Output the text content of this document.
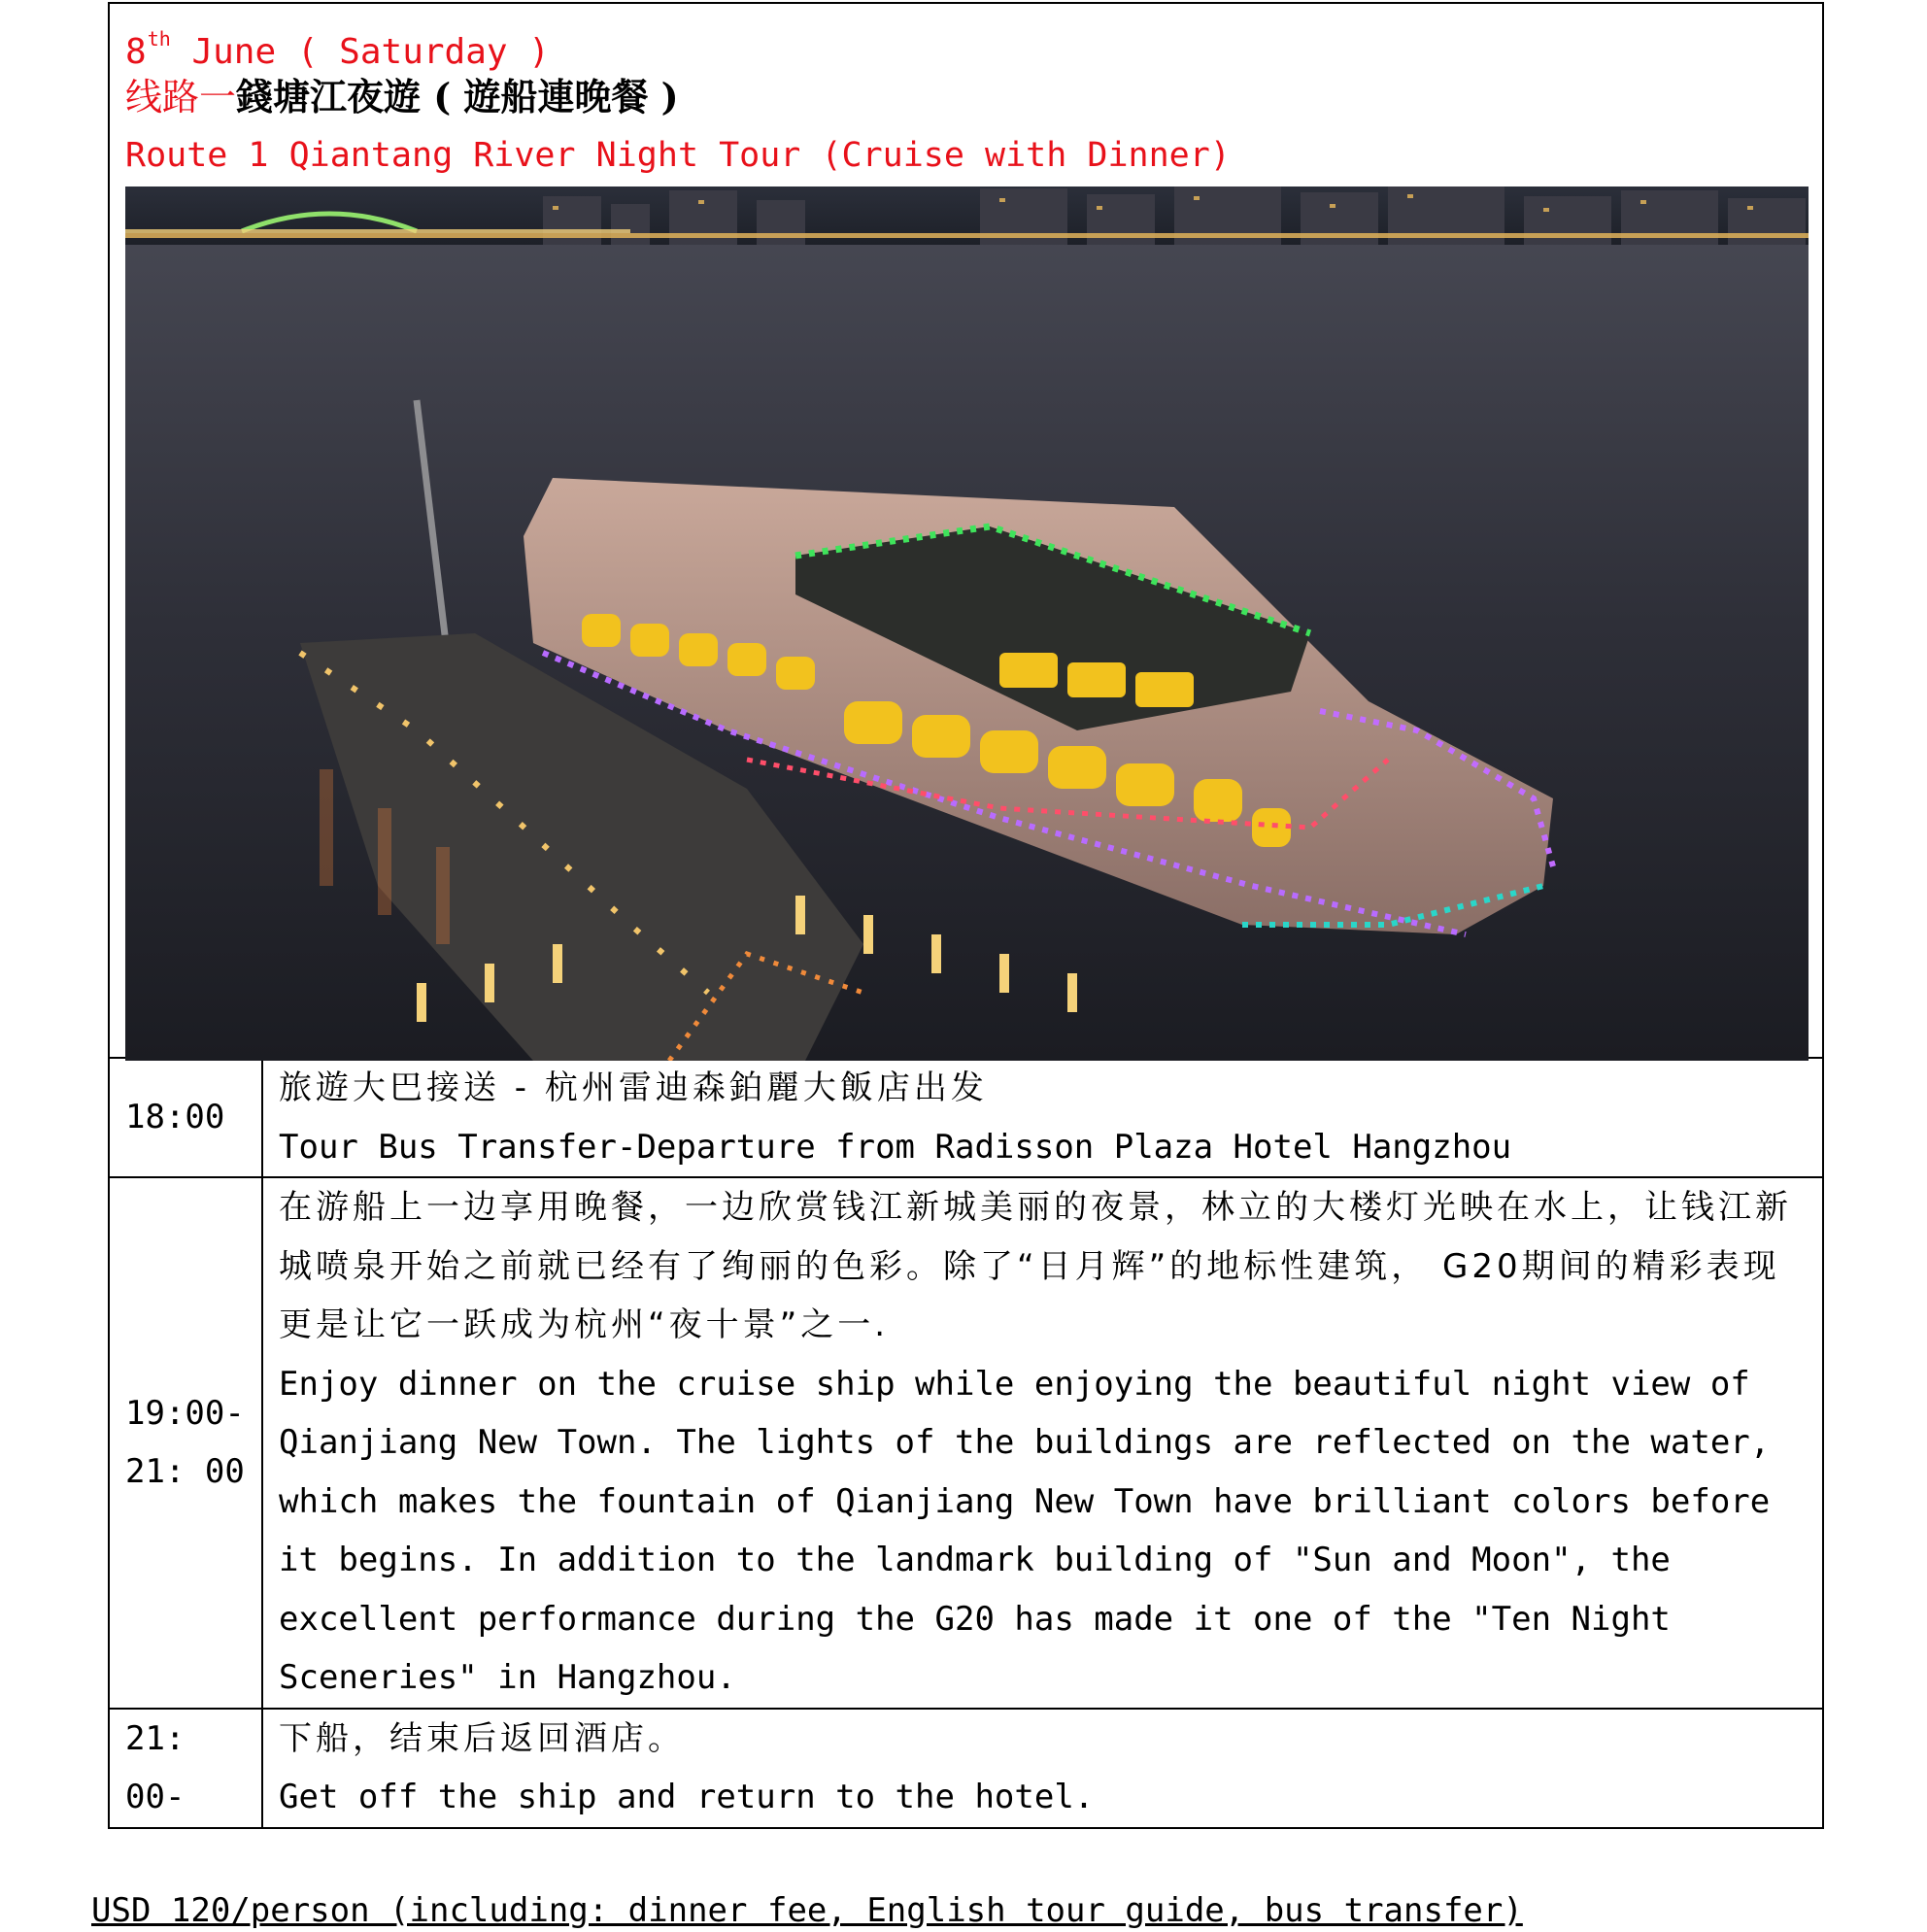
8th June ( Saturday )
线路一錢塘江夜遊 ( 遊船連晚餐 )
Route 1 Qiantang River Night Tour (Cruise with Dinner)
18:00	旅遊大巴接送 - 杭州雷迪森鉑麗大飯店出发
Tour Bus Transfer-Departure from Radisson Plaza Hotel Hangzhou

19:00-21: 00	在游船上一边享用晚餐，一边欣赏钱江新城美丽的夜景，林立的大楼灯光映在水上，让钱江新城喷泉开始之前就已经有了绚丽的色彩。除了“日月辉”的地标性建筑， G20期间的精彩表现更是让它一跃成为杭州“夜十景”之一.
Enjoy dinner on the cruise ship while enjoying the beautiful night view of Qianjiang New Town. The lights of the buildings are reflected on the water, which makes the fountain of Qianjiang New Town have brilliant colors before it begins. In addition to the landmark building of "Sun and Moon", the excellent performance during the G20 has made it one of the "Ten Night Sceneries" in Hangzhou.

21: 00-	下船，结束后返回酒店。
Get off the ship and return to the hotel.
USD 120/person (including: dinner fee, English tour guide, bus transfer)
